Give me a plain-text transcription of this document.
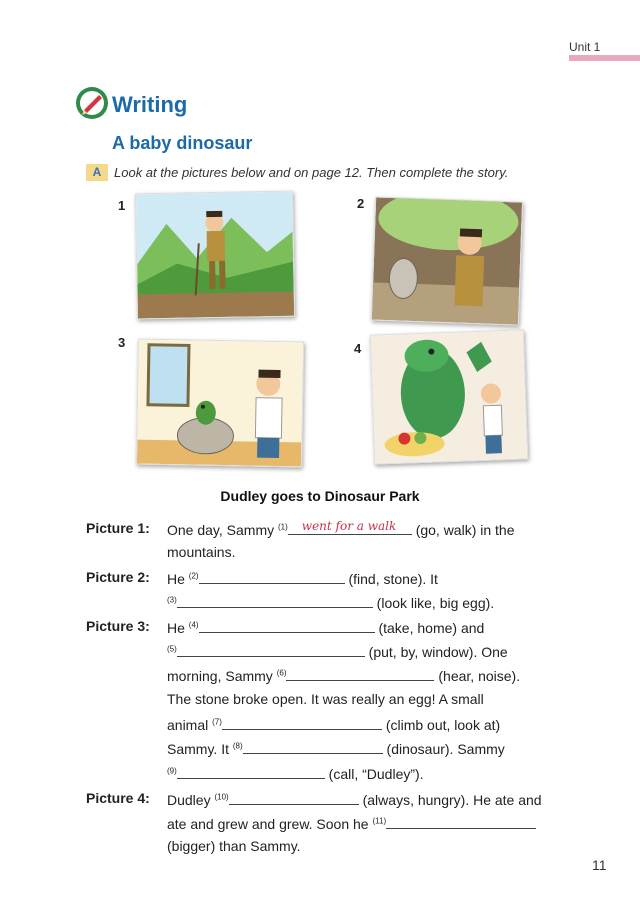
Unit 1
Writing
A baby dinosaur
A Look at the pictures below and on page 12. Then complete the story.
1	2
3	4
Dudley goes to Dinosaur Park
Picture 1: One day, Sammy $^{(1)}$ went for a walk (go, walk) in the
mountains.
Picture 2: He $^{(2)}$	(find, stone). It
$^{(3)}$	(look like, big egg).
Picture 3: He $^{(4)}$	(take, home) and
$^{(5)}$	(put, by, window). One
morning, Sammy $^{(6)}$	(hear, noise).
The stone broke open. It was really an egg! A small
animal $^{(7)}$	(climb out, look at)
Sammy. It $^{(8)}$	(dinosaur). Sammy
$^{(9)}$	(call, “Dudley”).
Picture 4: Dudley $^{(10)}$	(always, hungry). He ate and
ate and grew and grew. Soon he $^{(11)}$
(bigger) than Sammy.
11
